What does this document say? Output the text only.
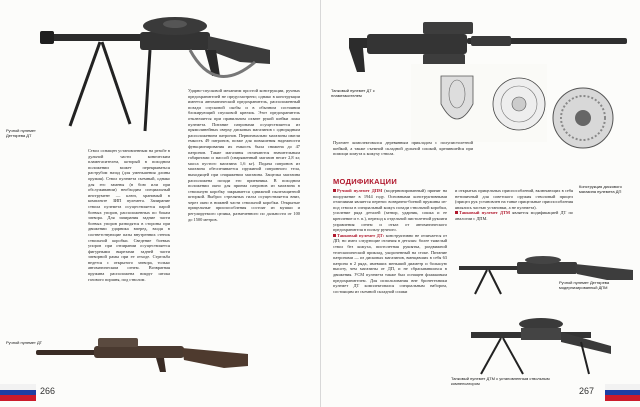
Ручной пулемет Дегтярева ДТ
Ствол оснащен установленным на резьбе в дульной части коническим пламегасителем, который в походном положении может перекрываться раструбом назад (для уменьшения длины оружия). Ствол пулемета съемный, однако для его замены (в бою или при обслуживании) необходим специальный инструмент — ключ, хранимый в комплекте ЗИП пулемета. Запирание ствола пулемета осуществляется парой боевых упоров, расположенных по бокам затвора. Для запирания задние части боевых упоров разводятся в стороны при движении ударника вперед, входя в соответствующие пазы внутренних стенок ствольной коробки. Сведение боевых упоров при отпирании осуществляется фигурными вырезами задней части затворной рамы при ее отходе. Стрельба ведется с открытого затвора, только автоматическим огнем. Возвратная пружина расположена вокруг штока газового поршня, под стволом.
Ударно-спусковой механизм простой конструкции, ручных предохранителей не предусмотрено; однако в конструкции имеется автоматический предохранитель, расположенный позади спусковой скобы и в обычном состоянии блокирующий спусковой крючок. Этот предохранитель отключается при правильном охвате рукой шейки ложа пулемета. Питание патронами осуществляется из прямолинейных сверху дисковых магазинов с однорядным расположением патронов. Первоначально магазины имели емкость 49 патронов, позже для повышения надежности функционирования их емкость была снижена до 47 патронов. Такие магазины отличаются значительным габаритами и массой (снаряженный магазин весит 2,8 кг, масса пустого магазина 1,6 кг). Подача патронов из магазина обеспечивается пружиной патронного тела, выходящей при снаряжении магазина. Защелка магазина расположена позади его приемника. В походном положении окно для приема патронов из магазина в ствольную коробку закрывается сдвижной пылезащитной шторкой. Выброс стреляных гильз осуществляется вниз, через окно в нижней части ствольной коробки. Открытые прицельные приспособления состоят из мушки и регулируемого целика, размеченного по дальности от 100 до 1500 метров.
Ручной пулемет ДТ
266
Танковый пулемет ДТ с пламегасителем
Конструкция дискового магазина пулемета ДП
Пулемет комплектовался деревянным прикладом с полупистолетной шейкой, а также съемной складной дульной сошкой, крепившейся при помощи хомута к кожуху ствола.
МОДИФИКАЦИИ

Ручной пулемет ДПМ (модернизированный) принят на вооружение в 1944 году. Основными конструктивными отличиями является перенос возвратно-боевой пружины из-под ствола в специальный кожух позади ствольной коробки, усиление рядa деталей (затвор, ударник, сошка и ее крепление и т. п.), переход к отдельной пистолетной рукояти управления огнем и отказ от автоматического предохранителя в пользу ручного.

Танковый пулемет ДТ: конструктивно не отличается от ДП; но имел следующие отличия в деталях: более тяжелый ствол без кожуха, пистолетная рукоятка, раздвижной телескопический приклад, укороченный на стоке. Питание патронами — из дисковых магазинов, вмещавших в себя 63 патрона в 2 ряда, имевших меньший диаметр и большую высоту, чем магазины от ДП, и не сбрасывавшихся в движения. УСМ пулемета также был оснащен флажковым предохранителем. Для использования вне бронетехники пулемет ДТ комплектовался специальным набором, состоящим из съемной складной сошки

и открытых прицельных приспособлений, включающих в себя нетипичный для советского оружия стволовый прицел (прицел рук установлен на танке прицельные приспособления являлись частью установки, а не пулемета).

Танковый пулемет ДТМ является модификацией ДТ по аналогии с ДПМ.

Ручной пулемет Дегтярева модернизированный ДПМ
Танковый пулемет ДТМ с установленным ствольным компенсатором
267
